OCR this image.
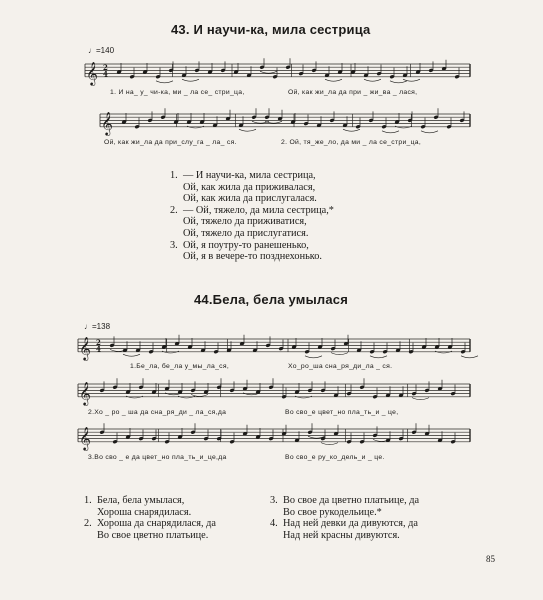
43. И научи-ка, мила сестрица
♩=140
𝄞 2
4
1. И на_ у_ чи-ка, ми _ ла се_ стри_ца,	Ой, как жи_ла да при _ жи_ва _ лася,
𝄞
Ой, как жи_ла да при_слу_га _ ла_ ся.	2. Ой, тя_же_ло, да ми _ ла се_стри_ца,
1. — И научи-ка, мила сестрица,
Ой, как жила да приживалася,
Ой, как жила да прислугалася.
2. — Ой, тяжело, да мила сестрица,*
Ой, тяжело да приживатися,
Ой, тяжело да прислугатися.
3. Ой, я поутру-то ранешенько,
Ой, я в вечере-то позднехонько.
44.Бела, бела умылася
♩=138
𝄞 2
4
1.Бе_ла, бе_ла у_мы_ла_ся,	Хо_ро_ша сна_ря_ди_ла _ ся.
𝄞
2.Хо _ ро _ ша да сна_ря_ди _ ла_ся,да	Во сво_е цвет_но пла_ть_и _ це,
𝄞
3.Во сво _ е да цвет_но пла_ть_и_це,да	Во сво_е ру_ко_дель_и _ це.
1. Бела, бела умылася,
Хороша снарядилася.
2. Хороша да снарядилася, да
Во свое цветно платьице.
3. Во свое да цветно платьице, да
Во свое рукодельице.*
4. Над ней девки да дивуются, да
Над ней красны дивуются.
85
